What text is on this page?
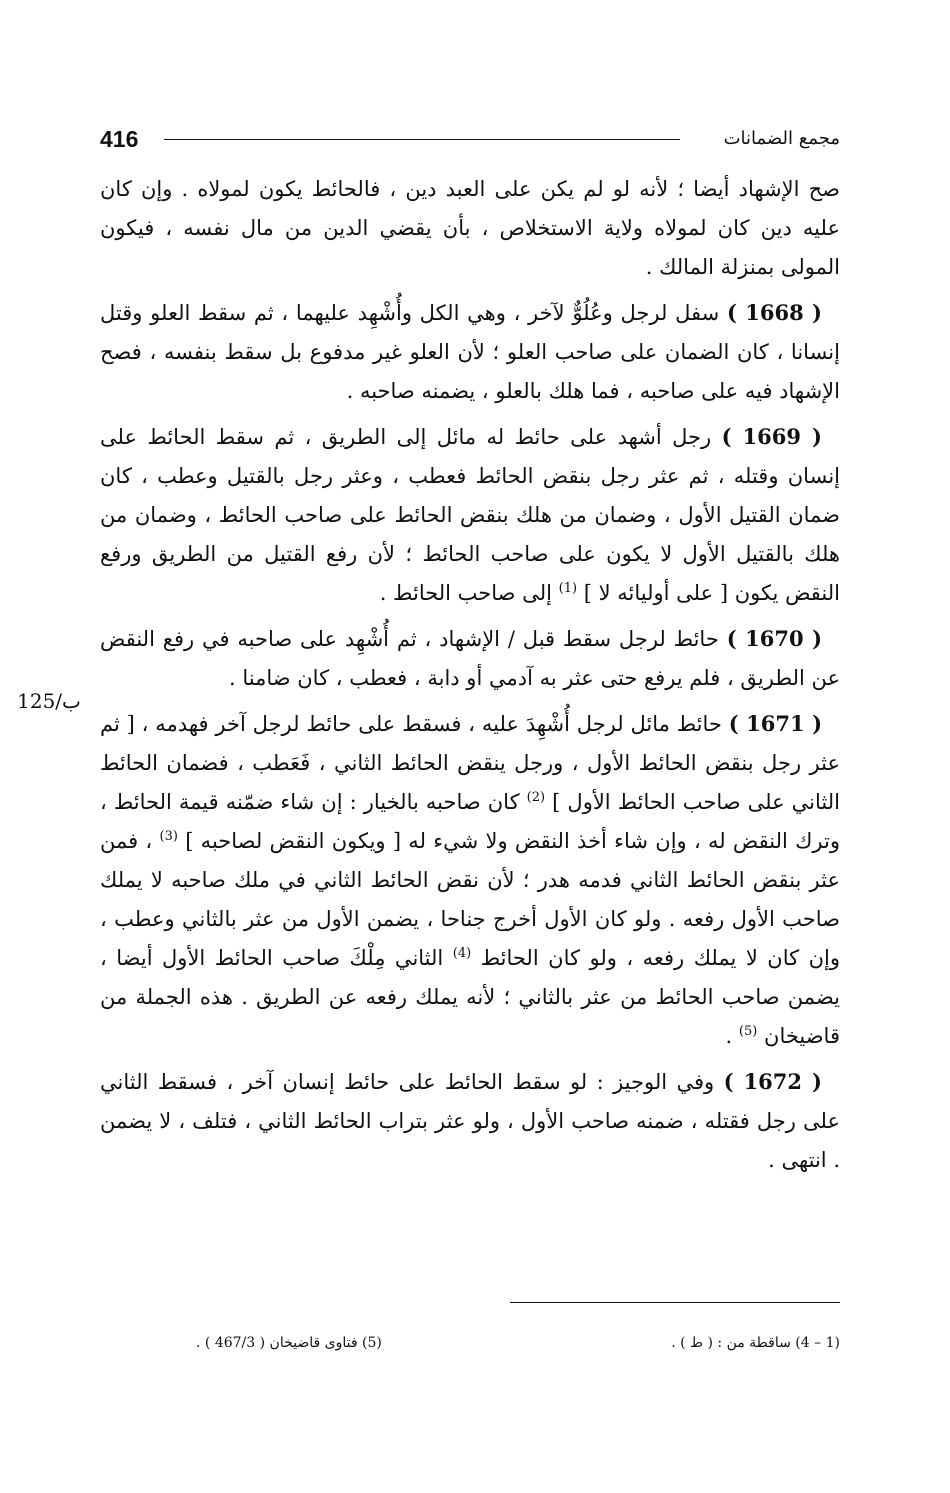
416	مجمع الضمانات
125/ب

صح الإشهاد أيضا ؛ لأنه لو لم يكن على العبد دين ، فالحائط يكون لمولاه . وإن كان عليه دين كان لمولاه ولاية الاستخلاص ، بأن يقضي الدين من مال نفسه ، فيكون المولى بمنزلة المالك .

( 1668 ) سفل لرجل وعُلُوٌّ لآخر ، وهي الكل وأُشْهِد عليهما ، ثم سقط العلو وقتل إنسانا ، كان الضمان على صاحب العلو ؛ لأن العلو غير مدفوع بل سقط بنفسه ، فصح الإشهاد فيه على صاحبه ، فما هلك بالعلو ، يضمنه صاحبه .

( 1669 ) رجل أشهد على حائط له مائل إلى الطريق ، ثم سقط الحائط على إنسان وقتله ، ثم عثر رجل بنقض الحائط فعطب ، وعثر رجل بالقتيل وعطب ، كان ضمان القتيل الأول ، وضمان من هلك بنقض الحائط على صاحب الحائط ، وضمان من هلك بالقتيل الأول لا يكون على صاحب الحائط ؛ لأن رفع القتيل من الطريق ورفع النقض يكون [ على أوليائه لا ] $^{(1)}$ إلى صاحب الحائط .

( 1670 ) حائط لرجل سقط قبل / الإشهاد ، ثم أُشْهِد على صاحبه في رفع النقض عن الطريق ، فلم يرفع حتى عثر به آدمي أو دابة ، فعطب ، كان ضامنا .

( 1671 ) حائط مائل لرجل أُشْهِدَ عليه ، فسقط على حائط لرجل آخر فهدمه ، [ ثم عثر رجل بنقض الحائط الأول ، ورجل ينقض الحائط الثاني ، فَعَطب ، فضمان الحائط الثاني على صاحب الحائط الأول ] $^{(2)}$ كان صاحبه بالخيار : إن شاء ضمّنه قيمة الحائط ، وترك النقض له ، وإن شاء أخذ النقض ولا شيء له [ ويكون النقض لصاحبه ] $^{(3)}$ ، فمن عثر بنقض الحائط الثاني فدمه هدر ؛ لأن نقض الحائط الثاني في ملك صاحبه لا يملك صاحب الأول رفعه . ولو كان الأول أخرج جناحا ، يضمن الأول من عثر بالثاني وعطب ، وإن كان لا يملك رفعه ، ولو كان الحائط $^{(4)}$ الثاني مِلْكَ صاحب الحائط الأول أيضا ، يضمن صاحب الحائط من عثر بالثاني ؛ لأنه يملك رفعه عن الطريق . هذه الجملة من قاضيخان $^{(5)}$ .

( 1672 ) وفي الوجيز : لو سقط الحائط على حائط إنسان آخر ، فسقط الثاني على رجل فقتله ، ضمنه صاحب الأول ، ولو عثر بتراب الحائط الثاني ، فتلف ، لا يضمن . انتهى .

(1 – 4) ساقطة من : ( ط ) .
(5) فتاوى قاضيخان ( 467/3 ) .
